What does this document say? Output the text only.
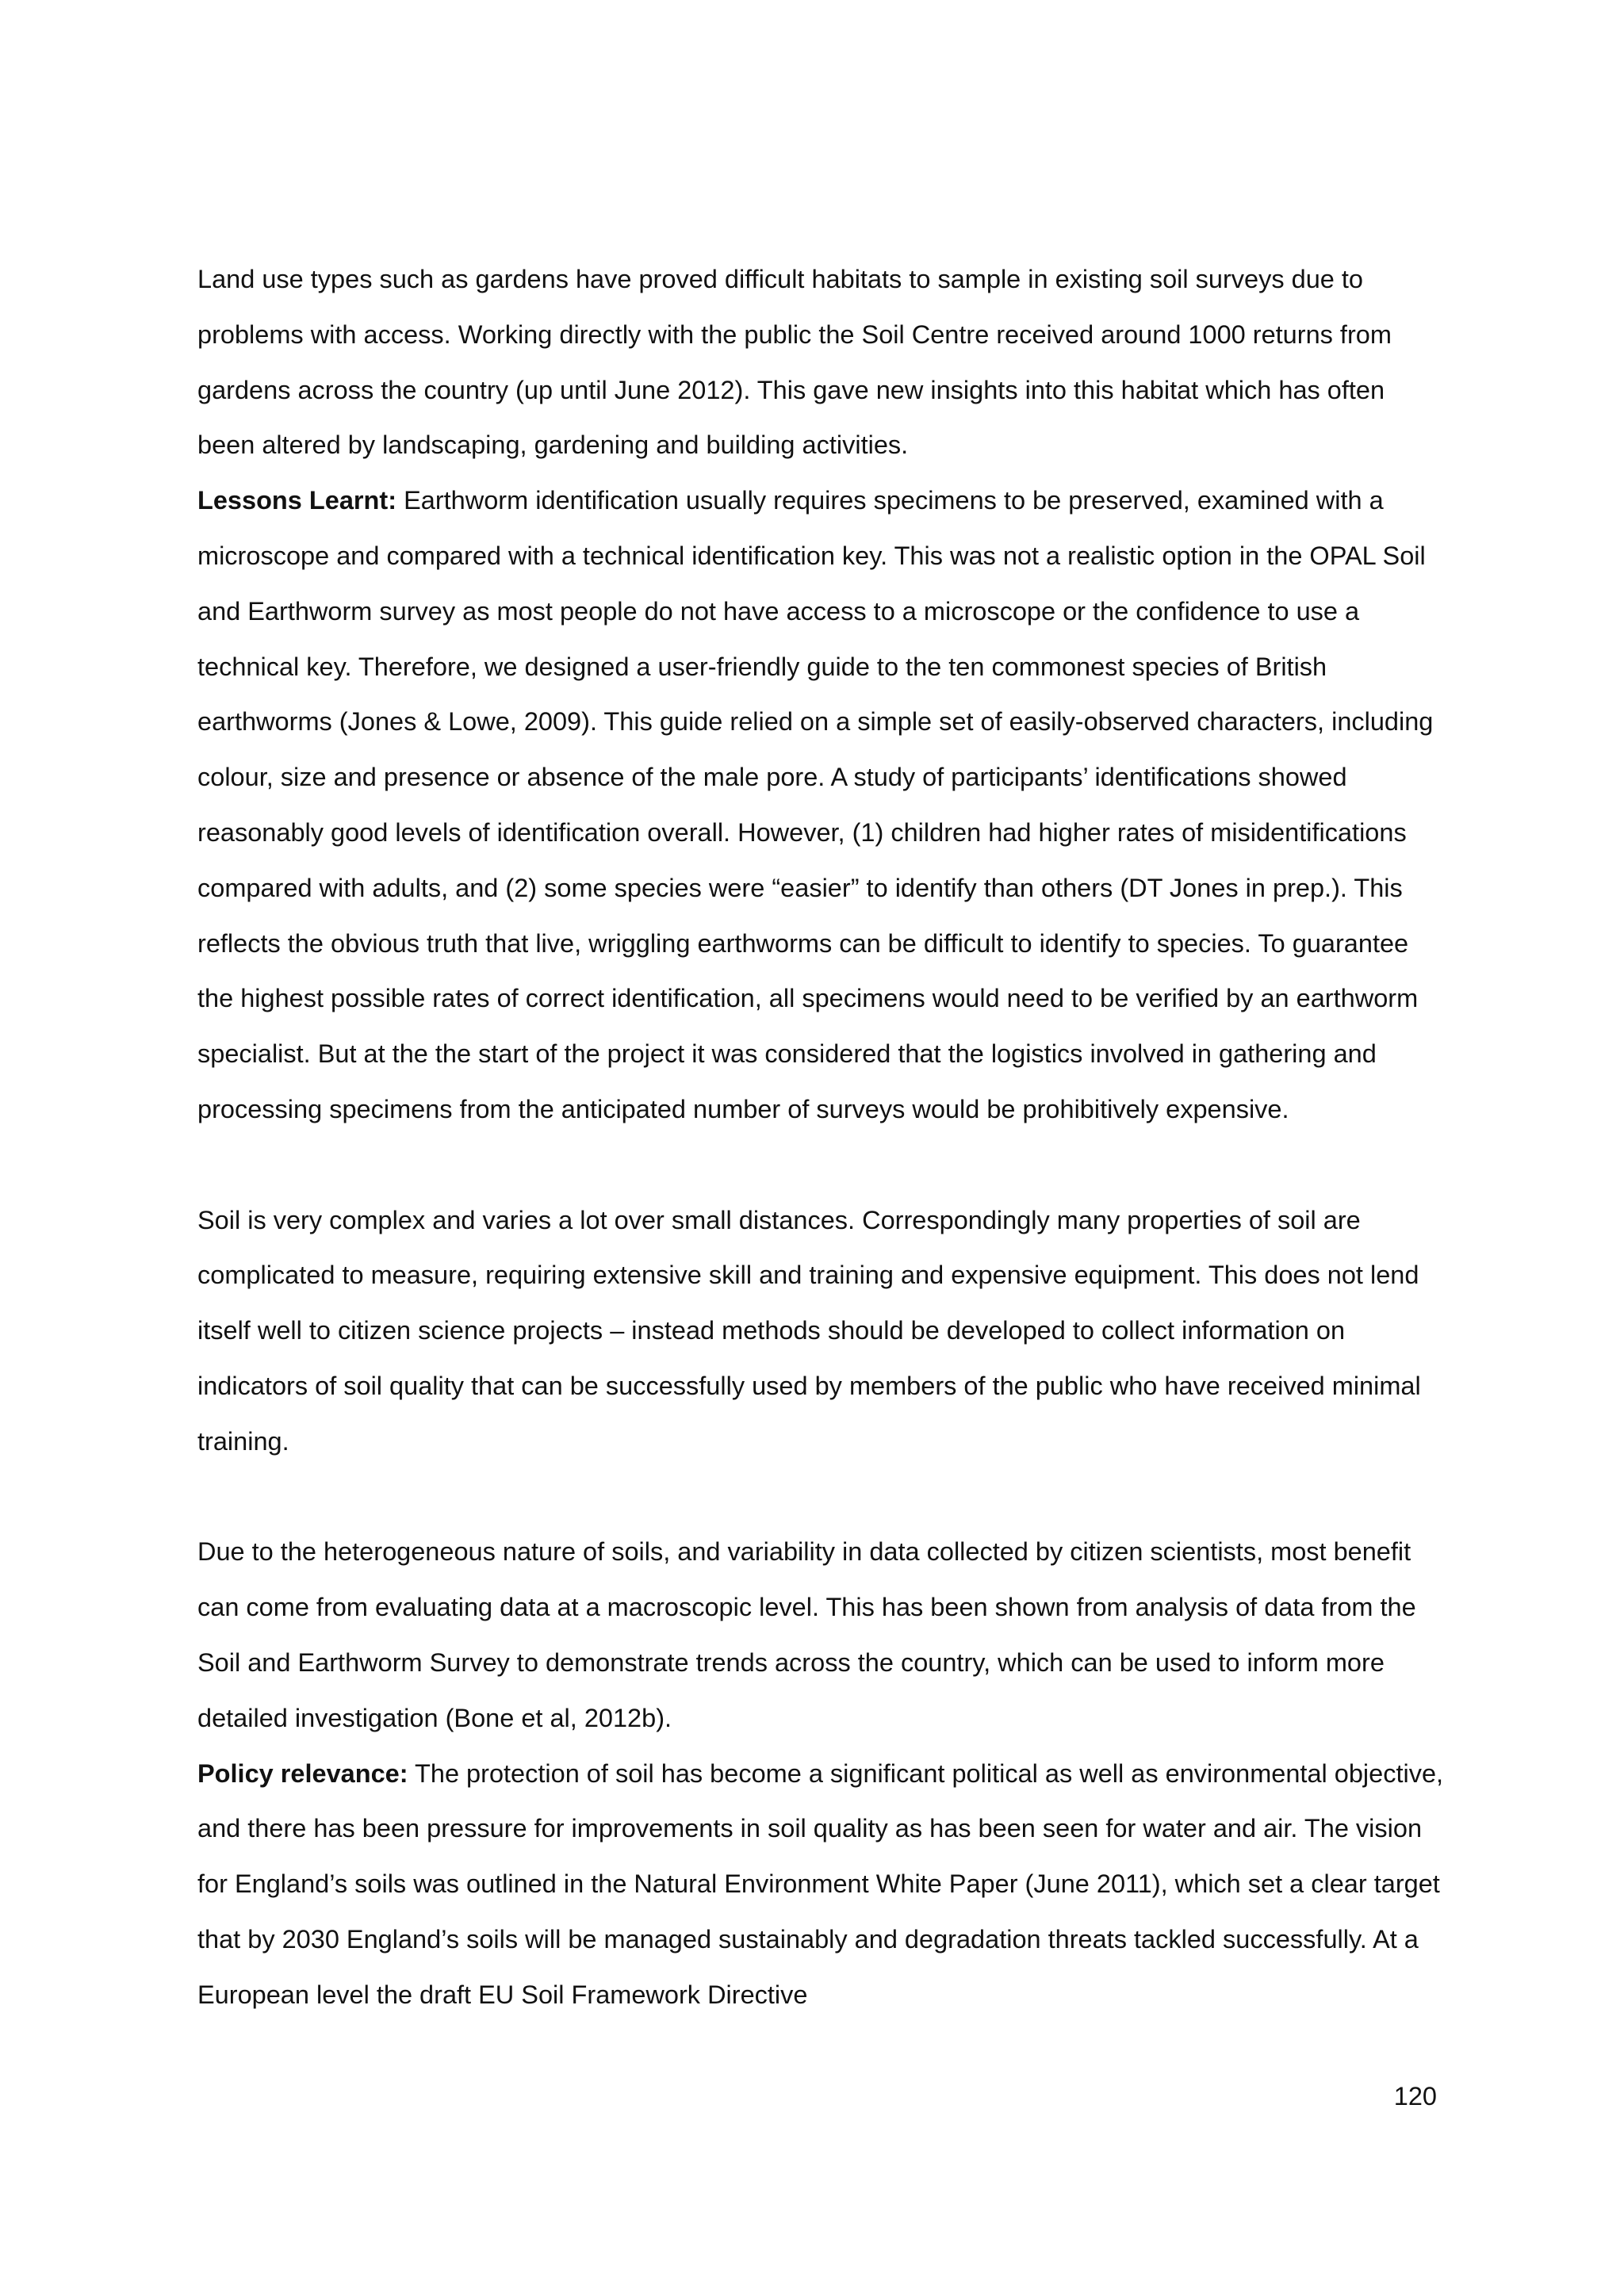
Land use types such as gardens have proved difficult habitats to sample in existing soil surveys due to problems with access. Working directly with the public the Soil Centre received around 1000 returns from gardens across the country (up until June 2012). This gave new insights into this habitat which has often been altered by landscaping, gardening and building activities.

Lessons Learnt: Earthworm identification usually requires specimens to be preserved, examined with a microscope and compared with a technical identification key. This was not a realistic option in the OPAL Soil and Earthworm survey as most people do not have access to a microscope or the confidence to use a technical key. Therefore, we designed a user-friendly guide to the ten commonest species of British earthworms (Jones & Lowe, 2009). This guide relied on a simple set of easily-observed characters, including colour, size and presence or absence of the male pore. A study of participants’ identifications showed reasonably good levels of identification overall. However, (1) children had higher rates of misidentifications compared with adults, and (2) some species were “easier” to identify than others (DT Jones in prep.). This reflects the obvious truth that live, wriggling earthworms can be difficult to identify to species. To guarantee the highest possible rates of correct identification, all specimens would need to be verified by an earthworm specialist. But at the the start of the project it was considered that the logistics involved in gathering and processing specimens from the anticipated number of surveys would be prohibitively expensive.

Soil is very complex and varies a lot over small distances. Correspondingly many properties of soil are complicated to measure, requiring extensive skill and training and expensive equipment. This does not lend itself well to citizen science projects – instead methods should be developed to collect information on indicators of soil quality that can be successfully used by members of the public who have received minimal training.

Due to the heterogeneous nature of soils, and variability in data collected by citizen scientists, most benefit can come from evaluating data at a macroscopic level. This has been shown from analysis of data from the Soil and Earthworm Survey to demonstrate trends across the country, which can be used to inform more detailed investigation (Bone et al, 2012b).

Policy relevance: The protection of soil has become a significant political as well as environmental objective, and there has been pressure for improvements in soil quality as has been seen for water and air. The vision for England’s soils was outlined in the Natural Environment White Paper (June 2011), which set a clear target that by 2030 England’s soils will be managed sustainably and degradation threats tackled successfully. At a European level the draft EU Soil Framework Directive

120
